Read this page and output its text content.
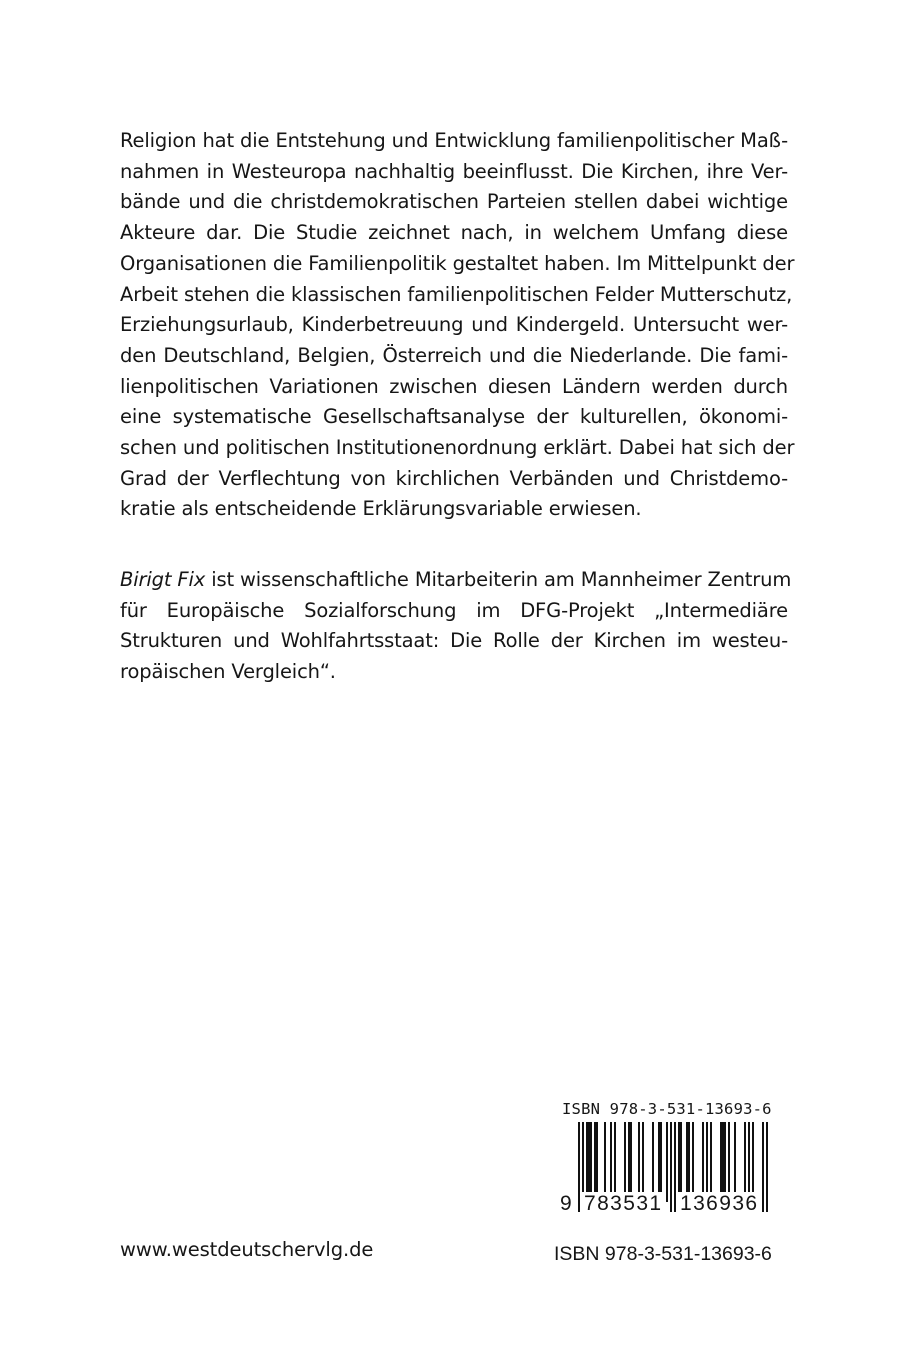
Religion hat die Entstehung und Entwicklung familienpolitischer Maß-
nahmen in Westeuropa nachhaltig beeinflusst. Die Kirchen, ihre Ver-
bände und die christdemokratischen Parteien stellen dabei wichtige
Akteure dar. Die Studie zeichnet nach, in welchem Umfang diese
Organisationen die Familienpolitik gestaltet haben. Im Mittelpunkt der
Arbeit stehen die klassischen familienpolitischen Felder Mutterschutz,
Erziehungsurlaub, Kinderbetreuung und Kindergeld. Untersucht wer-
den Deutschland, Belgien, Österreich und die Niederlande. Die fami-
lienpolitischen Variationen zwischen diesen Ländern werden durch
eine systematische Gesellschaftsanalyse der kulturellen, ökonomi-
schen und politischen Institutionenordnung erklärt. Dabei hat sich der
Grad der Verflechtung von kirchlichen Verbänden und Christdemo-
kratie als entscheidende Erklärungsvariable erwiesen.
Birigt Fix ist wissenschaftliche Mitarbeiterin am Mannheimer Zentrum
für Europäische Sozialforschung im DFG-Projekt „Intermediäre
Strukturen und Wohlfahrtsstaat: Die Rolle der Kirchen im westeu-
ropäischen Vergleich“.
www.westdeutschervlg.de
ISBN 978-3-531-13693-6
9 783531 136936
ISBN 978-3-531-13693-6
